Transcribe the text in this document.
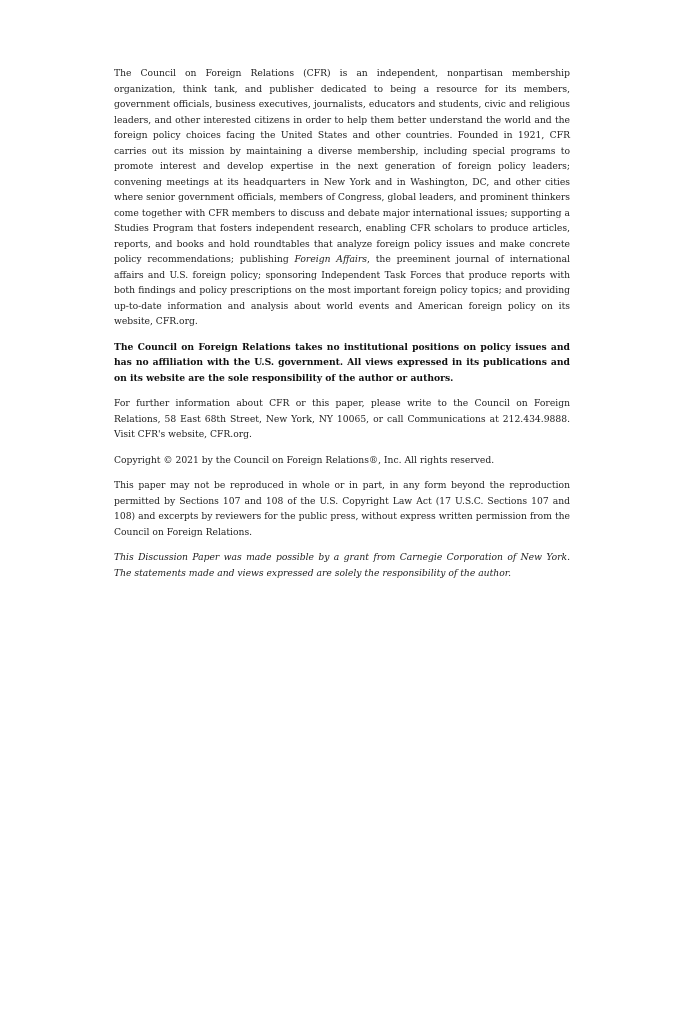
The Council on Foreign Relations (CFR) is an independent, nonpartisan membership organization, think tank, and publisher dedicated to being a resource for its members, government officials, business executives, journalists, educators and students, civic and religious leaders, and other interested citizens in order to help them better understand the world and the foreign policy choices facing the United States and other countries. Founded in 1921, CFR carries out its mission by maintaining a diverse membership, including special programs to promote interest and develop expertise in the next generation of foreign policy leaders; convening meetings at its headquarters in New York and in Washington, DC, and other cities where senior government officials, members of Congress, global leaders, and prominent thinkers come together with CFR members to discuss and debate major international issues; supporting a Studies Program that fosters independent research, enabling CFR scholars to produce articles, reports, and books and hold roundtables that analyze foreign policy issues and make concrete policy recommendations; publishing Foreign Affairs, the preeminent journal of international affairs and U.S. foreign policy; sponsoring Independent Task Forces that produce reports with both findings and policy prescriptions on the most important foreign policy topics; and providing up-to-date information and analysis about world events and American foreign policy on its website, CFR.org.

The Council on Foreign Relations takes no institutional positions on policy issues and has no affiliation with the U.S. government. All views expressed in its publications and on its website are the sole responsibility of the author or authors.

For further information about CFR or this paper, please write to the Council on Foreign Relations, 58 East 68th Street, New York, NY 10065, or call Communications at 212.434.9888. Visit CFR's website, CFR.org.

Copyright © 2021 by the Council on Foreign Relations®, Inc. All rights reserved.

This paper may not be reproduced in whole or in part, in any form beyond the reproduction permitted by Sections 107 and 108 of the U.S. Copyright Law Act (17 U.S.C. Sections 107 and 108) and excerpts by reviewers for the public press, without express written permission from the Council on Foreign Relations.

This Discussion Paper was made possible by a grant from Carnegie Corporation of New York. The statements made and views expressed are solely the responsibility of the author.
